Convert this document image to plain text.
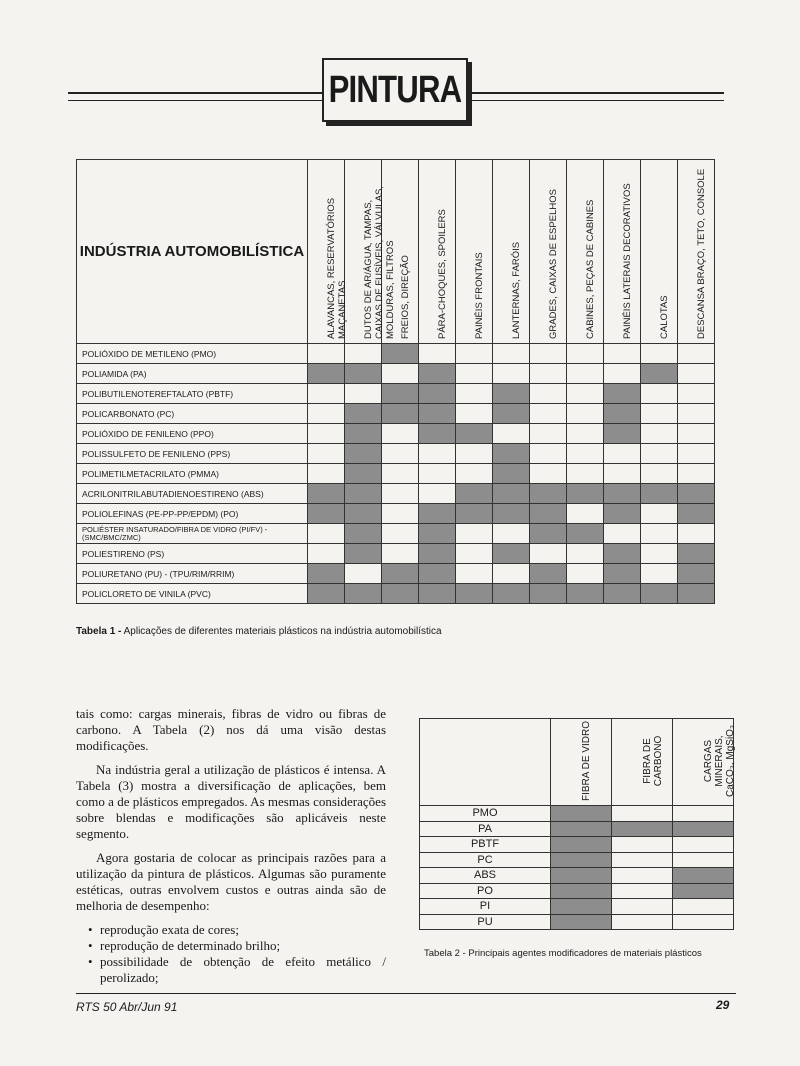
PINTURA
INDÚSTRIA AUTOMOBILÍSTICA	ALAVANCAS, RESERVATÓRIOS MAÇANETAS	DUTOS DE AR/ÁGUA, TAMPAS, CAIXAS DE FUSÍVEIS, VÁLVULAS, MOLDURAS, FILTROS	FREIOS, DIREÇÃO	PÁRA-CHOQUES, SPOILERS	PAINÉIS FRONTAIS	LANTERNAS, FARÓIS	GRADES, CAIXAS DE ESPELHOS	CABINES, PEÇAS DE CABINES	PAINÉIS LATERAIS DECORATIVOS	CALOTAS	DESCANSA BRAÇO, TETO, CONSOLE

POLIÓXIDO DE METILENO (PMO)											
POLIAMIDA (PA)											
POLIBUTILENOTEREFTALATO (PBTF)											
POLICARBONATO (PC)											
POLIÓXIDO DE FENILENO (PPO)											
POLISSULFETO DE FENILENO (PPS)											
POLIMETILMETACRILATO (PMMA)											
ACRILONITRILABUTADIENOESTIRENO (ABS)											
POLIOLEFINAS (PE-PP-PP/EPDM) (PO)											
POLIÉSTER INSATURADO/FIBRA DE VIDRO (PI/FV) - (SMC/BMC/ZMC)											
POLIESTIRENO (PS)											
POLIURETANO (PU) - (TPU/RIM/RRIM)											
POLICLORETO DE VINILA (PVC)											
Tabela 1 - Aplicações de diferentes materiais plásticos na indústria automobilística

tais como: cargas minerais, fibras de vidro ou fibras de carbono. A Tabela (2) nos dá uma visão destas modificações.

Na indústria geral a utilização de plásticos é intensa. A Tabela (3) mostra a diversificação de aplicações, bem como a de plásticos empregados. As mesmas considerações sobre blendas e modificações são aplicáveis neste segmento.

Agora gostaria de colocar as principais razões para a utilização da pintura de plásticos. Algumas são puramente estéticas, outras envolvem custos e outras ainda são de melhoria de desempenho:

• reprodução exata de cores;
• reprodução de determinado brilho;
• possibilidade de obtenção de efeito metálico / perolizado;

	FIBRA DE VIDRO	FIBRA DE CARBONO	CARGAS MINERAIS, CaCO₃, MgSiO₃

PMO			
PA			
PBTF			
PC			
ABS			
PO			
PI			
PU			
Tabela 2 - Principais agentes modificadores de materiais plásticos
RTS 50 Abr/Jun 91	29
